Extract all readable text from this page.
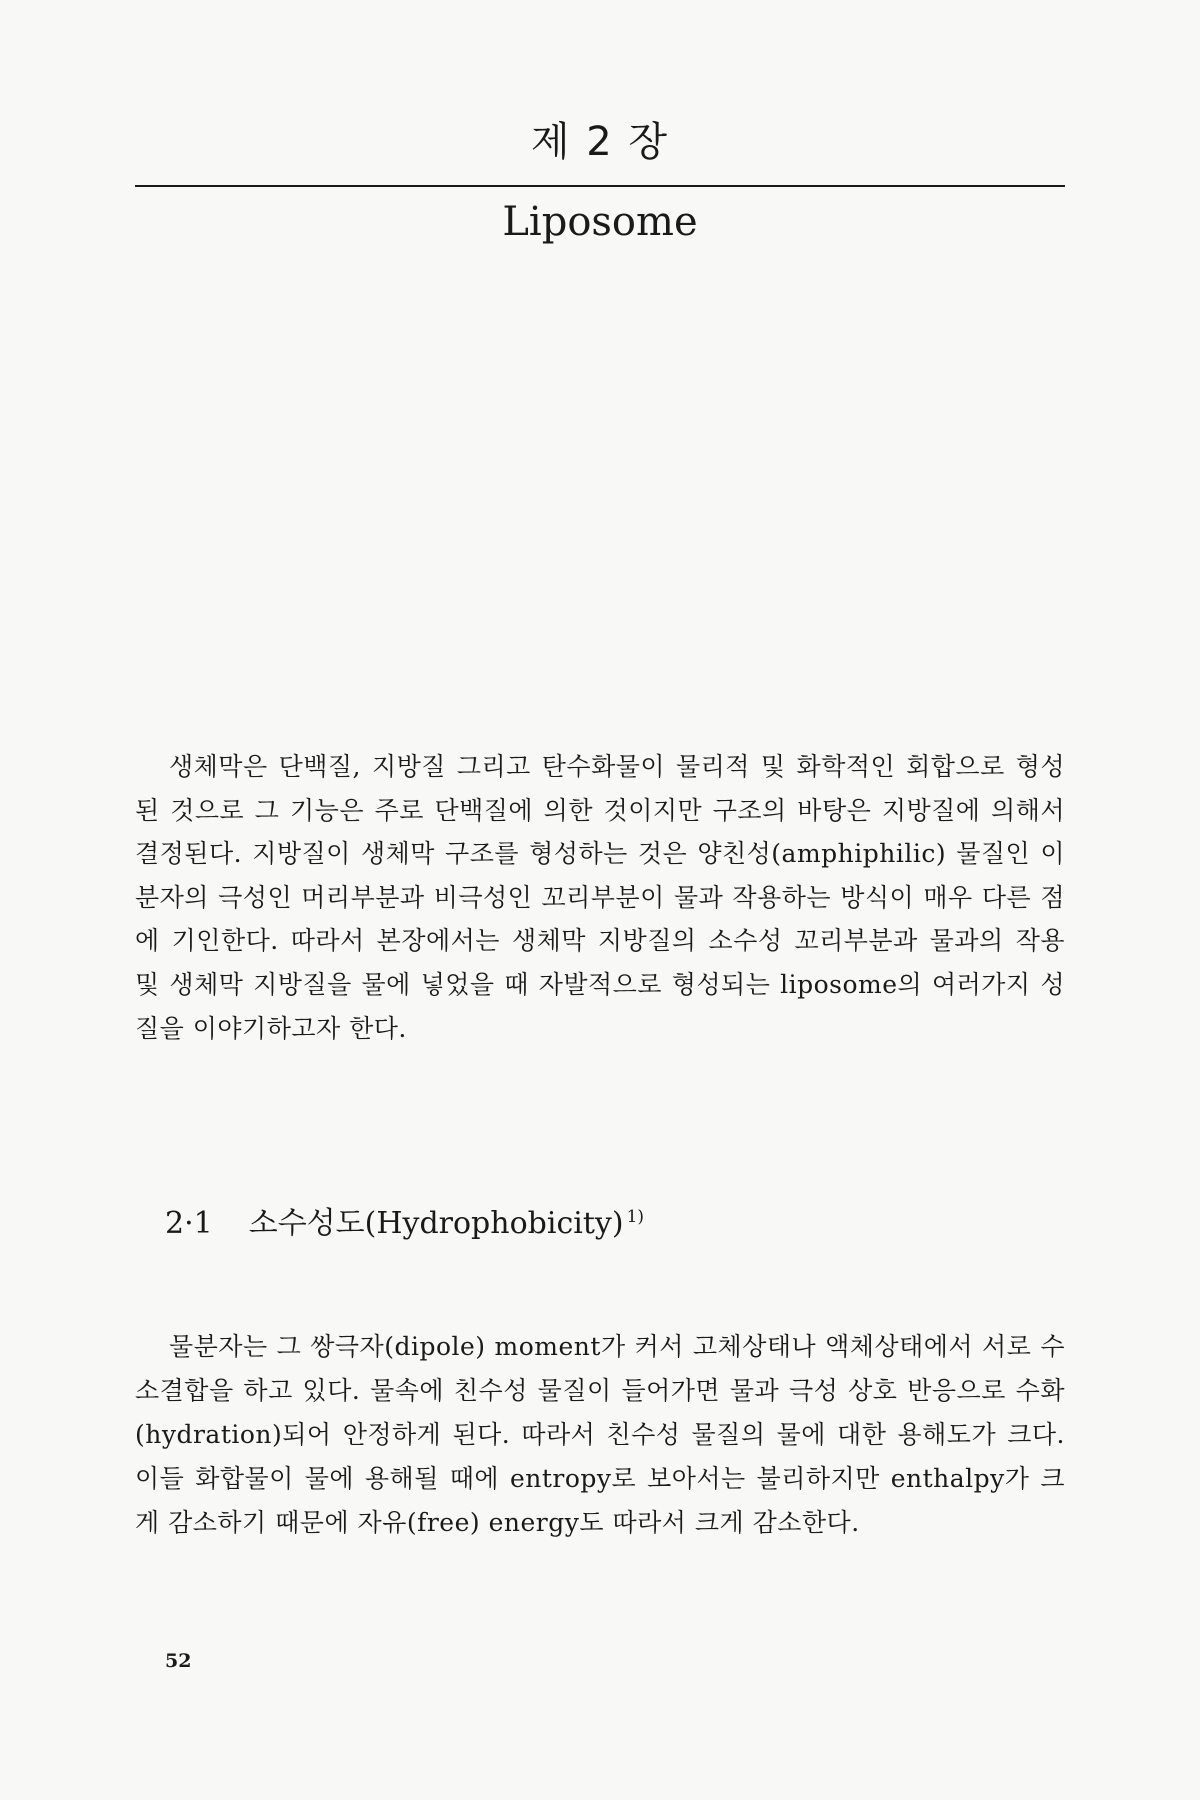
제 2 장
Liposome

생체막은 단백질, 지방질 그리고 탄수화물이 물리적 및 화학적인 회합으로 형성된 것으로 그 기능은 주로 단백질에 의한 것이지만 구조의 바탕은 지방질에 의해서 결정된다. 지방질이 생체막 구조를 형성하는 것은 양친성(amphiphilic) 물질인 이 분자의 극성인 머리부분과 비극성인 꼬리부분이 물과 작용하는 방식이 매우 다른 점에 기인한다. 따라서 본장에서는 생체막 지방질의 소수성 꼬리부분과 물과의 작용 및 생체막 지방질을 물에 넣었을 때 자발적으로 형성되는 liposome의 여러가지 성질을 이야기하고자 한다.

2·1 소수성도(Hydrophobicity) $^{1)}$

물분자는 그 쌍극자(dipole) moment가 커서 고체상태나 액체상태에서 서로 수소결합을 하고 있다. 물속에 친수성 물질이 들어가면 물과 극성 상호 반응으로 수화(hydration)되어 안정하게 된다. 따라서 친수성 물질의 물에 대한 용해도가 크다. 이들 화합물이 물에 용해될 때에 entropy로 보아서는 불리하지만 enthalpy가 크게 감소하기 때문에 자유(free) energy도 따라서 크게 감소한다.

52
